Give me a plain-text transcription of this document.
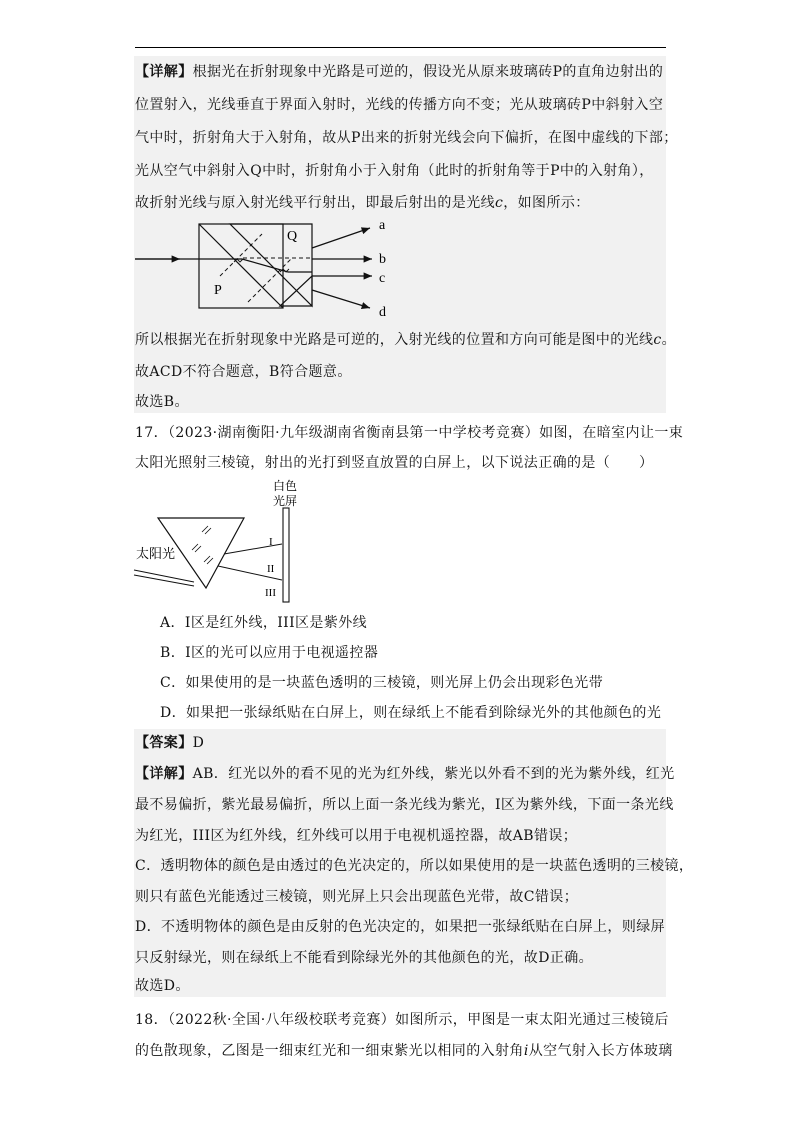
【详解】根据光在折射现象中光路是可逆的，假设光从原来玻璃砖P的直角边射出的
位置射入，光线垂直于界面入射时，光线的传播方向不变；光从玻璃砖P中斜射入空
气中时，折射角大于入射角，故从P出来的折射光线会向下偏折，在图中虚线的下部；
光从空气中斜射入Q中时，折射角小于入射角（此时的折射角等于P中的入射角），
故折射光线与原入射光线平行射出，即最后射出的是光线c，如图所示：
P
Q
a
b
c
d
所以根据光在折射现象中光路是可逆的，入射光线的位置和方向可能是图中的光线c。
故ACD不符合题意，B符合题意。
故选B。
17．（2023·湖南衡阳·九年级湖南省衡南县第一中学校考竞赛）如图，在暗室内让一束
太阳光照射三棱镜，射出的光打到竖直放置的白屏上，以下说法正确的是（　　）
太阳光
白色
光屏
I
II
III
A．I区是红外线，III区是紫外线
B．I区的光可以应用于电视遥控器
C．如果使用的是一块蓝色透明的三棱镜，则光屏上仍会出现彩色光带
D．如果把一张绿纸贴在白屏上，则在绿纸上不能看到除绿光外的其他颜色的光
【答案】D
【详解】AB．红光以外的看不见的光为红外线，紫光以外看不到的光为紫外线，红光
最不易偏折，紫光最易偏折，所以上面一条光线为紫光，I区为紫外线，下面一条光线
为红光，III区为红外线，红外线可以用于电视机遥控器，故AB错误；
C．透明物体的颜色是由透过的色光决定的，所以如果使用的是一块蓝色透明的三棱镜，
则只有蓝色光能透过三棱镜，则光屏上只会出现蓝色光带，故C错误；
D．不透明物体的颜色是由反射的色光决定的，如果把一张绿纸贴在白屏上，则绿屏
只反射绿光，则在绿纸上不能看到除绿光外的其他颜色的光，故D正确。
故选D。
18．（2022秋·全国·八年级校联考竞赛）如图所示，甲图是一束太阳光通过三棱镜后
的色散现象，乙图是一细束红光和一细束紫光以相同的入射角i从空气射入长方体玻璃
